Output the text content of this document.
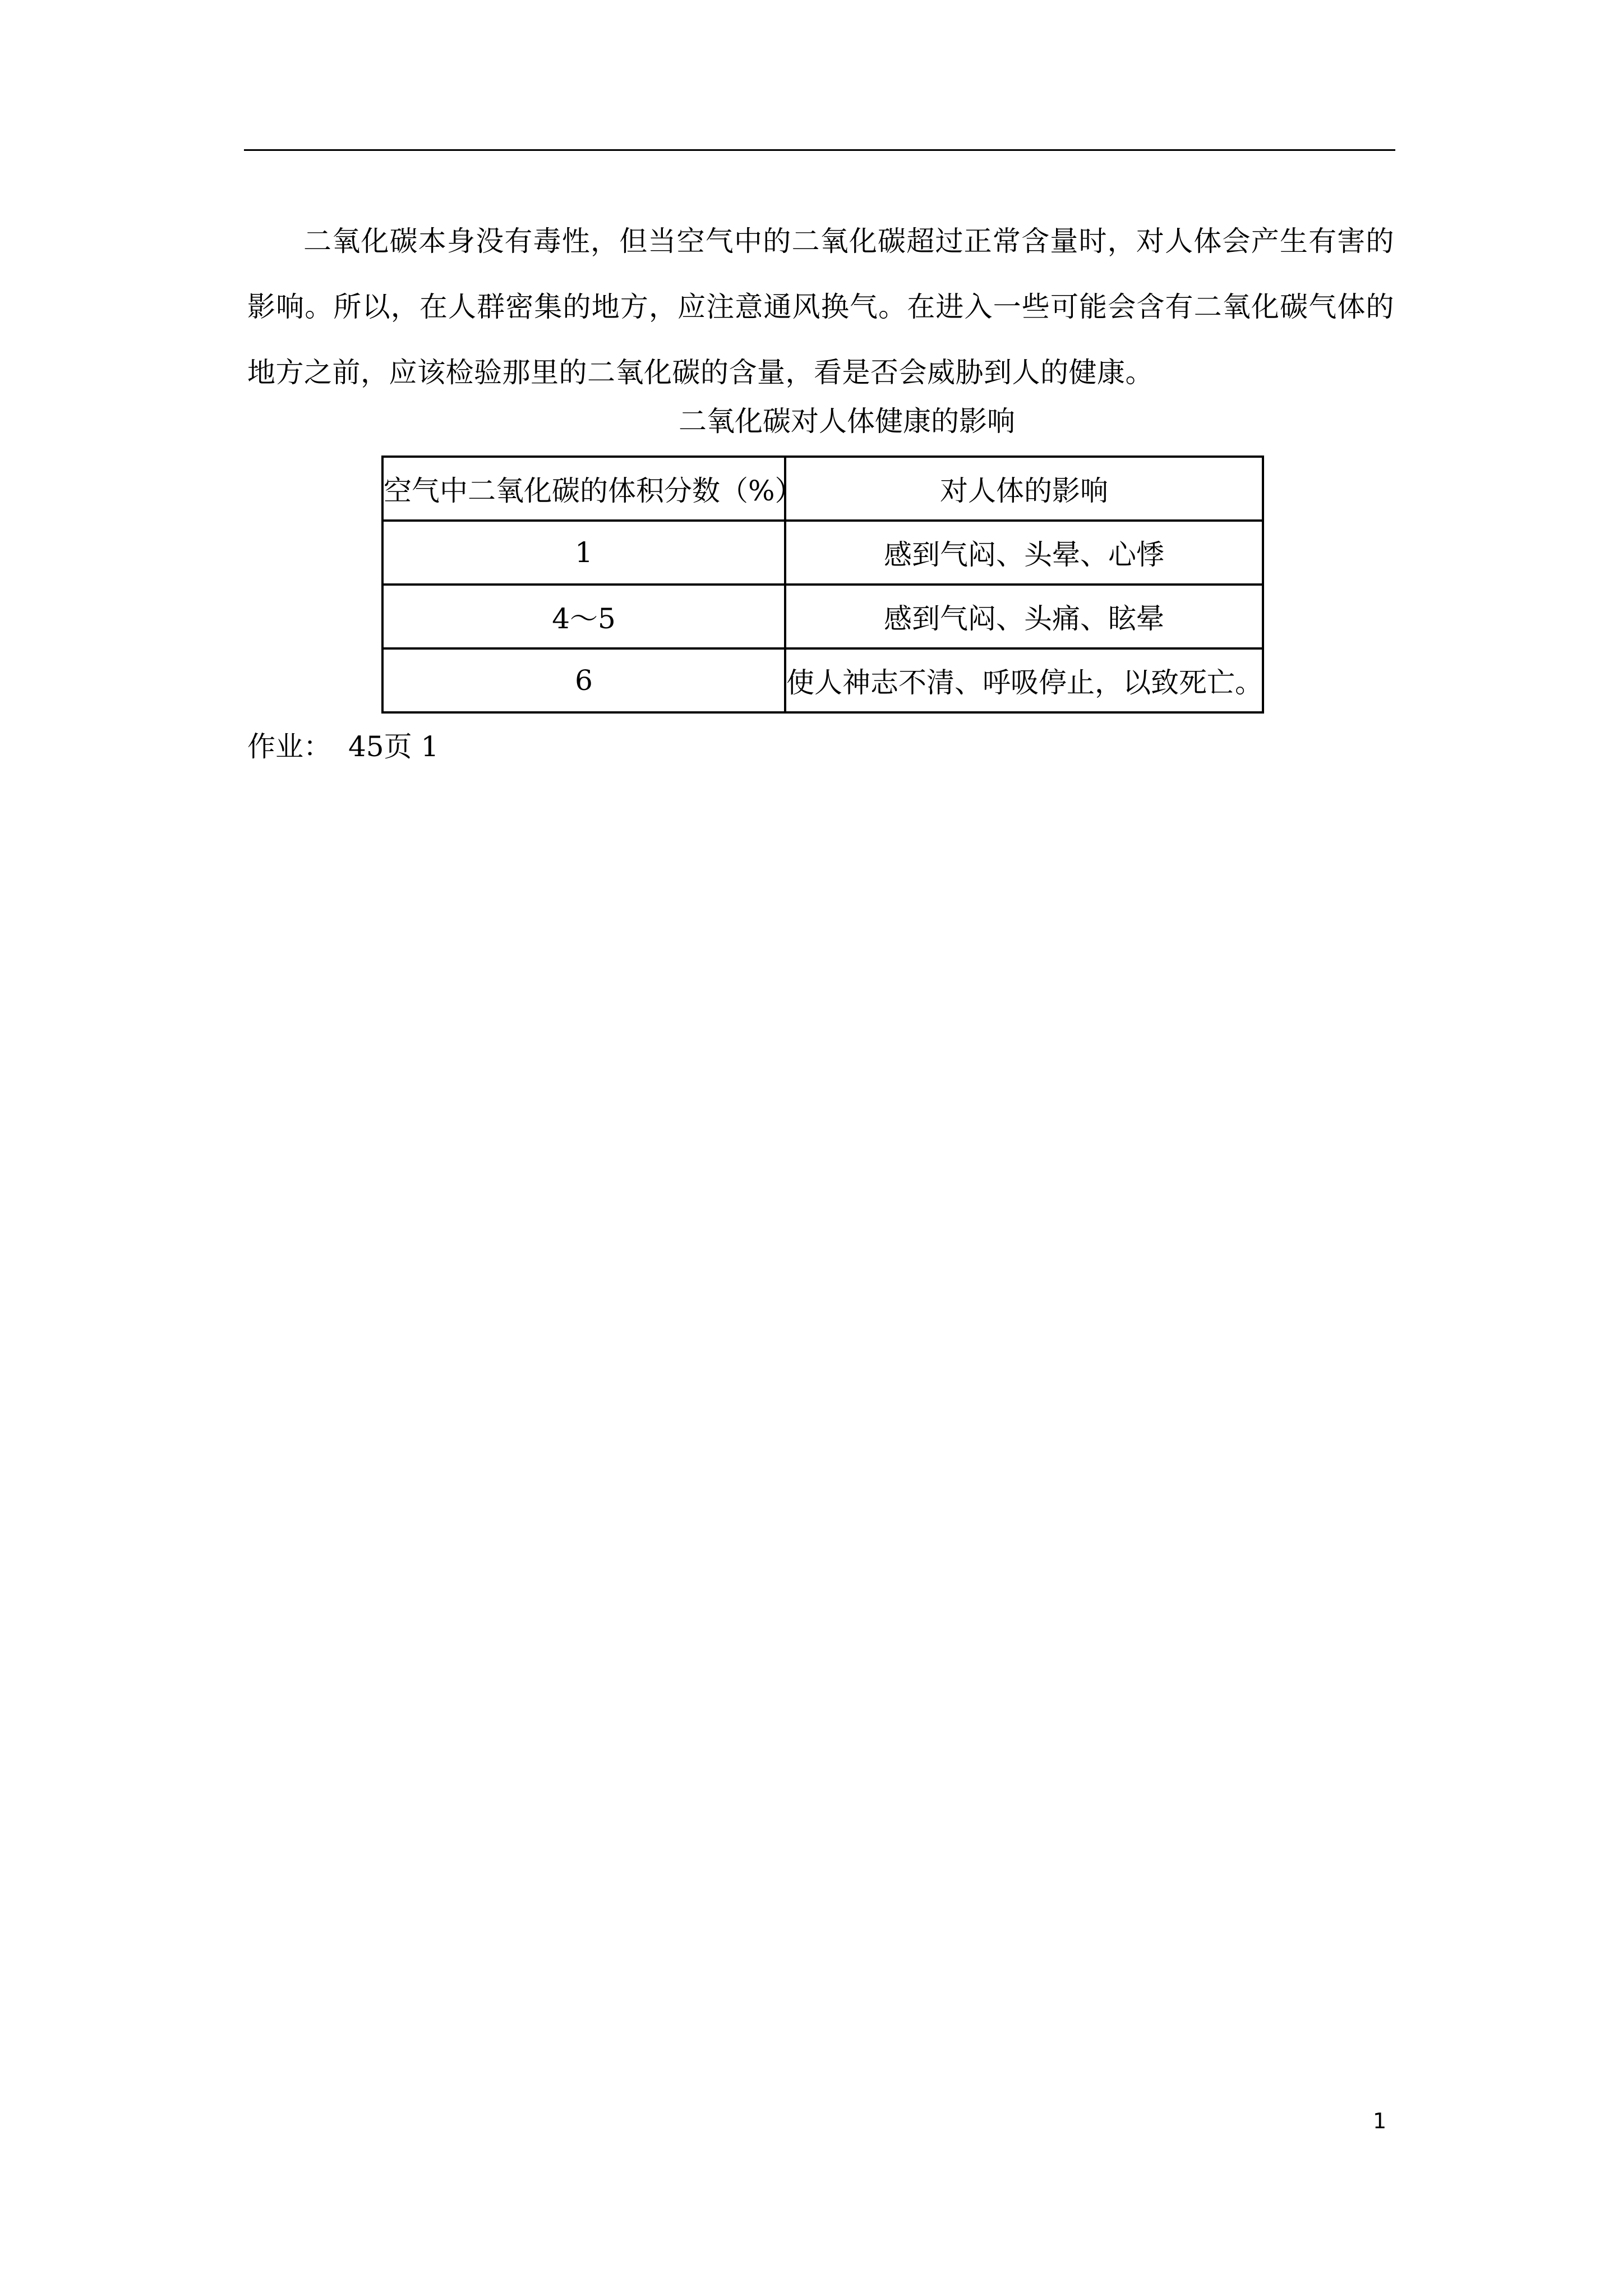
二氧化碳本身没有毒性，但当空气中的二氧化碳超过正常含量时，对人体会产生有害的影响。所以，在人群密集的地方，应注意通风换气。在进入一些可能会含有二氧化碳气体的地方之前，应该检验那里的二氧化碳的含量，看是否会威胁到人的健康。

二氧化碳对人体健康的影响
空气中二氧化碳的体积分数（%）	对人体的影响
1	感到气闷、头晕、心悸
4～5	感到气闷、头痛、眩晕
6	使人神志不清、呼吸停止，以致死亡。
作业： 45页 1
1
